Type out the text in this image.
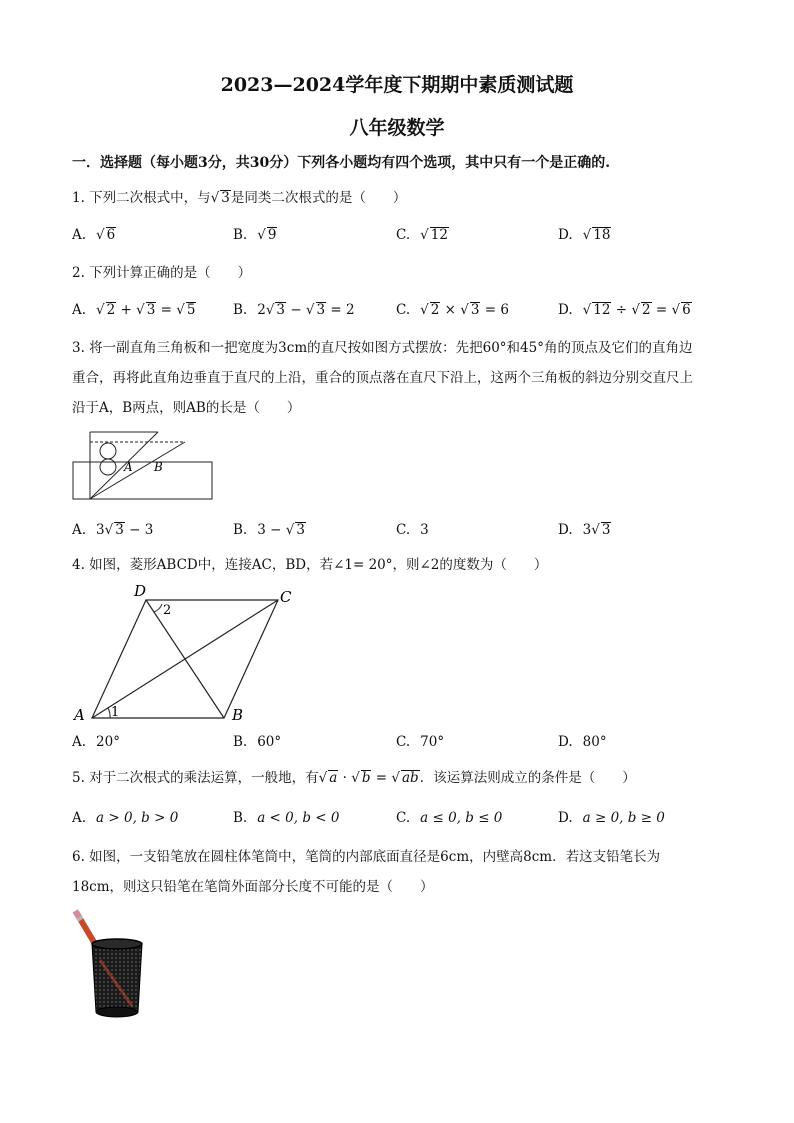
2023—2024学年度下期期中素质测试题
八年级数学
一．选择题（每小题3分，共30分）下列各小题均有四个选项，其中只有一个是正确的.
1. 下列二次根式中，与√ 3是同类二次根式的是（　　）
A. √ 6	B. √ 9	C. √ 12	D. √ 18
2. 下列计算正确的是（　　）
A. √ 2 + √ 3 = √ 5	B. 2√ 3 − √ 3 = 2	C. √ 2 × √ 3 = 6	D. √ 12 ÷ √ 2 = √ 6
3. 将一副直角三角板和一把宽度为3cm的直尺按如图方式摆放：先把60°和45°角的顶点及它们的直角边
重合，再将此直角边垂直于直尺的上沿，重合的顶点落在直尺下沿上，这两个三角板的斜边分别交直尺上
沿于A，B两点，则AB的长是（　　）
A B
A. 3√ 3 − 3	B. 3 − √ 3	C. 3	D. 3√ 3
4. 如图，菱形ABCD中，连接AC，BD，若∠1= 20°，则∠2的度数为（　　）
A	B
C
D
1
2
A. 20°	B. 60°	C. 70°	D. 80°
5. 对于二次根式的乘法运算，一般地，有√ a · √ b = √ ab．该运算法则成立的条件是（　　）
A. a > 0, b > 0	B. a < 0, b < 0	C. a ≤ 0, b ≤ 0	D. a ≥ 0, b ≥ 0
6. 如图，一支铅笔放在圆柱体笔筒中，笔筒的内部底面直径是6cm，内壁高8cm．若这支铅笔长为
18cm，则这只铅笔在笔筒外面部分长度不可能的是（　　）
